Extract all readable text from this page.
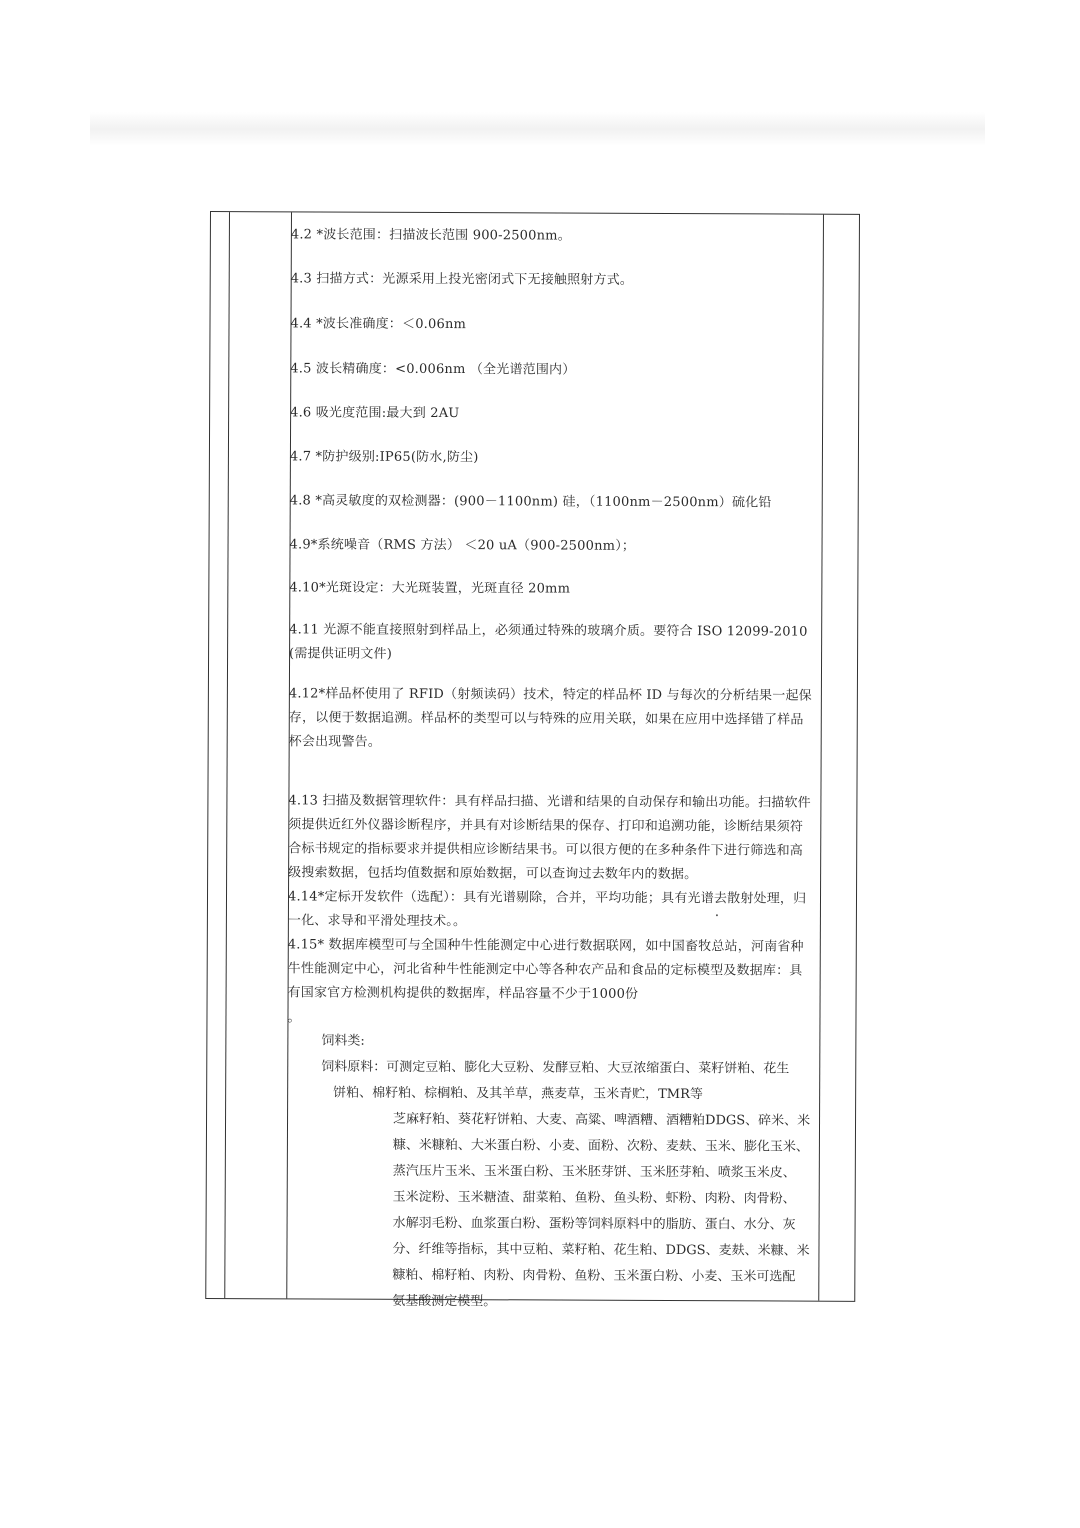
4.2 *波长范围：扫描波长范围 900-2500nm。
4.3 扫描方式：光源采用上投光密闭式下无接触照射方式。
4.4 *波长准确度：＜0.06nm
4.5 波长精确度：<0.006nm （全光谱范围内）
4.6 吸光度范围:最大到 2AU
4.7 *防护级别:IP65(防水,防尘)
4.8 *高灵敏度的双检测器：(900－1100nm) 硅，（1100nm－2500nm）硫化铅
4.9*系统噪音（RMS 方法） ＜20 uA（900-2500nm）；
4.10*光斑设定：大光斑装置，光斑直径 20mm
4.11 光源不能直接照射到样品上，必须通过特殊的玻璃介质。要符合 ISO 12099-2010 (需提供证明文件)
4.12*样品杯使用了 RFID（射频读码）技术，特定的样品杯 ID 与每次的分析结果一起保存，以便于数据追溯。样品杯的类型可以与特殊的应用关联，如果在应用中选择错了样品杯会出现警告。
4.13 扫描及数据管理软件：具有样品扫描、光谱和结果的自动保存和输出功能。扫描软件须提供近红外仪器诊断程序，并具有对诊断结果的保存、打印和追溯功能，诊断结果须符合标书规定的指标要求并提供相应诊断结果书。可以很方便的在多种条件下进行筛选和高级搜索数据，包括均值数据和原始数据，可以查询过去数年内的数据。
4.14*定标开发软件（选配）：具有光谱剔除，合并，平均功能；具有光谱去散射处理，归一化、求导和平滑处理技术。。
4.15* 数据库模型可与全国种牛性能测定中心进行数据联网，如中国畜牧总站，河南省种牛性能测定中心，河北省种牛性能测定中心等各种农产品和食品的定标模型及数据库：具有国家官方检测机构提供的数据库，样品容量不少于1000份
。
饲料类:
饲料原料：可测定豆粕、膨化大豆粉、发酵豆粕、大豆浓缩蛋白、菜籽饼粕、花生
饼粕、棉籽粕、棕榈粕、及其羊草，燕麦草，玉米青贮，TMR等
芝麻籽粕、葵花籽饼粕、大麦、高粱、啤酒糟、酒糟粕DDGS、碎米、米
糠、米糠粕、大米蛋白粉、小麦、面粉、次粉、麦麸、玉米、膨化玉米、
蒸汽压片玉米、玉米蛋白粉、玉米胚芽饼、玉米胚芽粕、喷浆玉米皮、
玉米淀粉、玉米糖渣、甜菜粕、鱼粉、鱼头粉、虾粉、肉粉、肉骨粉、
水解羽毛粉、血浆蛋白粉、蛋粉等饲料原料中的脂肪、蛋白、水分、灰
分、纤维等指标，其中豆粕、菜籽粕、花生粕、DDGS、麦麸、米糠、米
糠粕、棉籽粕、肉粉、肉骨粉、鱼粉、玉米蛋白粉、小麦、玉米可选配
氨基酸测定模型。
